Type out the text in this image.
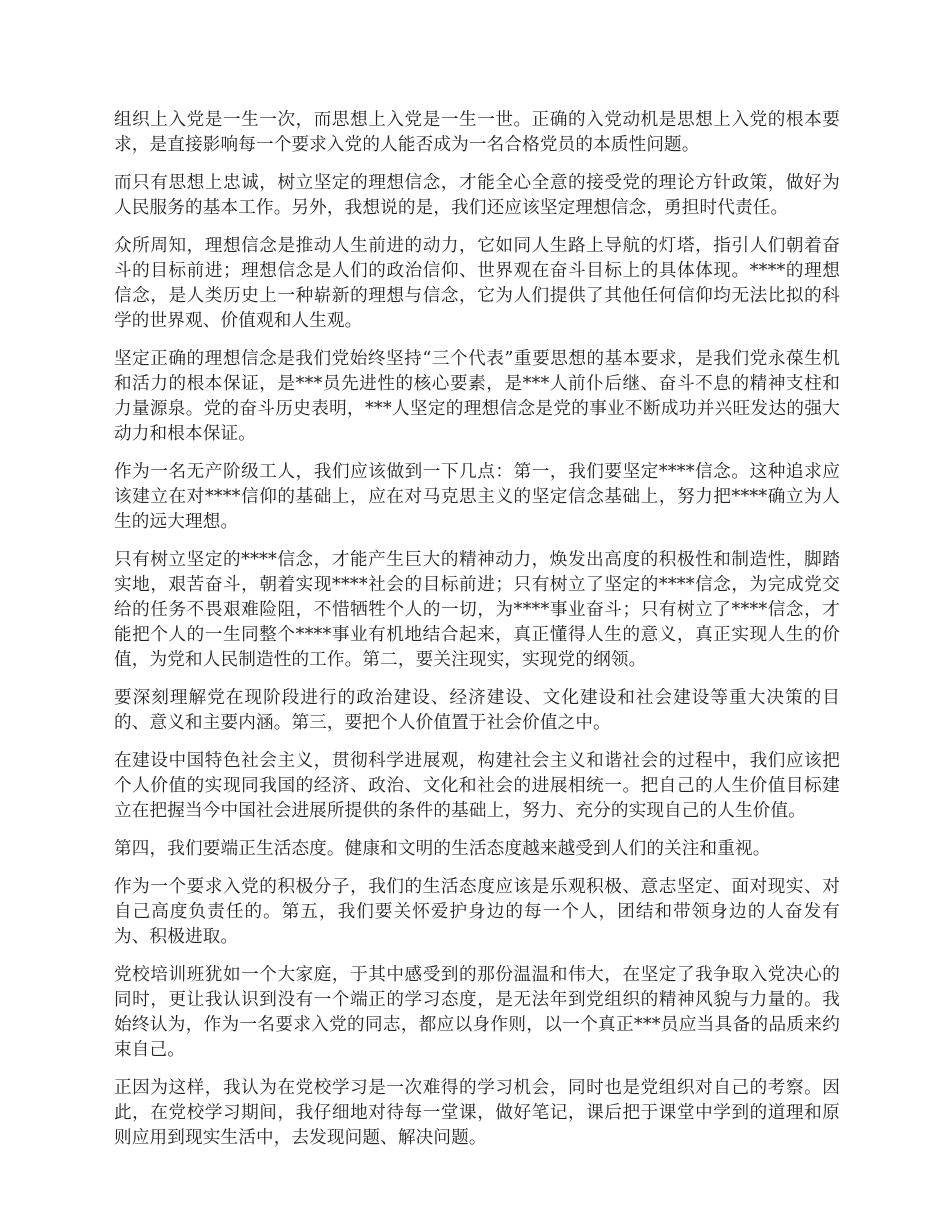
组织上入党是一生一次，而思想上入党是一生一世。正确的入党动机是思想上入党的根本要求，是直接影响每一个要求入党的人能否成为一名合格党员的本质性问题。

而只有思想上忠诚，树立坚定的理想信念，才能全心全意的接受党的理论方针政策，做好为人民服务的基本工作。另外，我想说的是，我们还应该坚定理想信念，勇担时代责任。

众所周知，理想信念是推动人生前进的动力，它如同人生路上导航的灯塔，指引人们朝着奋斗的目标前进；理想信念是人们的政治信仰、世界观在奋斗目标上的具体体现。****的理想信念，是人类历史上一种崭新的理想与信念，它为人们提供了其他任何信仰均无法比拟的科学的世界观、价值观和人生观。

坚定正确的理想信念是我们党始终坚持“三个代表”重要思想的基本要求，是我们党永葆生机和活力的根本保证，是***员先进性的核心要素，是***人前仆后继、奋斗不息的精神支柱和力量源泉。党的奋斗历史表明，***人坚定的理想信念是党的事业不断成功并兴旺发达的强大动力和根本保证。

作为一名无产阶级工人，我们应该做到一下几点：第一，我们要坚定****信念。这种追求应该建立在对****信仰的基础上，应在对马克思主义的坚定信念基础上，努力把****确立为人生的远大理想。

只有树立坚定的****信念，才能产生巨大的精神动力，焕发出高度的积极性和制造性，脚踏实地，艰苦奋斗，朝着实现****社会的目标前进；只有树立了坚定的****信念，为完成党交给的任务不畏艰难险阻，不惜牺牲个人的一切，为****事业奋斗；只有树立了****信念，才能把个人的一生同整个****事业有机地结合起来，真正懂得人生的意义，真正实现人生的价值，为党和人民制造性的工作。第二，要关注现实，实现党的纲领。

要深刻理解党在现阶段进行的政治建设、经济建设、文化建设和社会建设等重大决策的目的、意义和主要内涵。第三，要把个人价值置于社会价值之中。

在建设中国特色社会主义，贯彻科学进展观，构建社会主义和谐社会的过程中，我们应该把个人价值的实现同我国的经济、政治、文化和社会的进展相统一。把自己的人生价值目标建立在把握当今中国社会进展所提供的条件的基础上，努力、充分的实现自己的人生价值。

第四，我们要端正生活态度。健康和文明的生活态度越来越受到人们的关注和重视。

作为一个要求入党的积极分子，我们的生活态度应该是乐观积极、意志坚定、面对现实、对自己高度负责任的。第五，我们要关怀爱护身边的每一个人，团结和带领身边的人奋发有为、积极进取。

党校培训班犹如一个大家庭，于其中感受到的那份温温和伟大，在坚定了我争取入党决心的同时，更让我认识到没有一个端正的学习态度，是无法年到党组织的精神风貌与力量的。我始终认为，作为一名要求入党的同志，都应以身作则，以一个真正***员应当具备的品质来约束自己。

正因为这样，我认为在党校学习是一次难得的学习机会，同时也是党组织对自己的考察。因此，在党校学习期间，我仔细地对待每一堂课，做好笔记，课后把于课堂中学到的道理和原则应用到现实生活中，去发现问题、解决问题。
